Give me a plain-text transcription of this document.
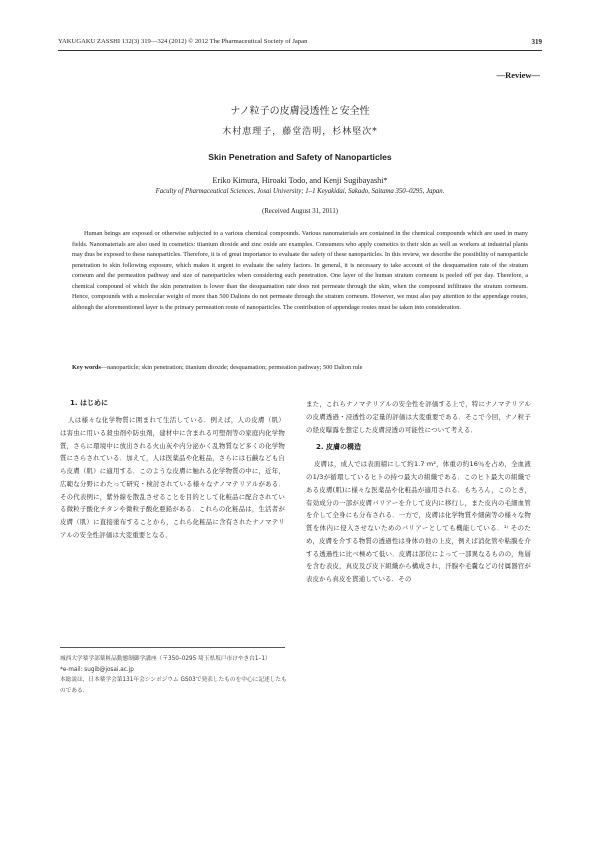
YAKUGAKU ZASSHI 132(3) 319―324 (2012) © 2012 The Pharmaceutical Society of Japan	319
―Review―
ナノ粒子の皮膚浸透性と安全性
木村恵理子，藤堂浩明，杉林堅次*
Skin Penetration and Safety of Nanoparticles
Eriko Kimura, Hiroaki Todo, and Kenji Sugibayashi*
Faculty of Pharmaceutical Sciences, Josai University; 1–1 Keyakidai, Sakado, Saitama 350–0295, Japan.
(Received August 31, 2011)

Human beings are exposed or otherwise subjected to a various chemical compounds. Various nanomaterials are contained in the chemical compounds which are used in many fields. Nanomaterials are also used in cosmetics: titanium dioxide and zinc oxide are examples. Consumers who apply cosmetics to their skin as well as workers at industrial plants may thus be exposed to these nanoparticles. Therefore, it is of great importance to evaluate the safety of these nanoparticles. In this review, we describe the possibility of nanoparticle penetration to skin following exposure, which makes it urgent to evaluate the safety factors. In general, it is necessary to take account of the desquamation rate of the stratum corneum and the permeation pathway and size of nanoparticles when considering such penetration. One layer of the human stratum corneum is peeled off per day. Therefore, a chemical compound of which the skin penetration is lower than the desquamation rate does not permeate through the skin, when the compound infiltrates the stratum corneum. Hence, compounds with a molecular weight of more than 500 Daltons do not permeate through the stratum corneum. However, we must also pay attention to the appendage routes, although the aforementioned layer is the primary permeation route of nanoparticles. The contribution of appendage routes must be taken into consideration.

Key words―nanoparticle; skin penetration; titanium dioxide; desquamation; permeation pathway; 500 Dalton rule
1. はじめに

人は様々な化学物質に囲まれて生活している．例えば，人の皮膚（肌）は害虫に用いる殺虫剤や防虫剤，建材中に含まれる可塑剤等の家庭内化学物質，さらに環境中に放出される火山灰や内分泌かく乱物質など多くの化学物質にさらされている．加えて，人は医薬品や化粧品，さらには石鹸なども自ら皮膚（肌）に適用する．このような皮膚に触れる化学物質の中に，近年，広範な分野にわたって研究・検討されている様々なナノマテリアルがある．その代表例に，紫外線を散乱させることを目的として化粧品に配合されている微粒子酸化チタンや微粒子酸化亜鉛がある．これらの化粧品は，生活者が皮膚（肌）に直接塗布することから，これら化粧品に含有されたナノマテリアルの安全性評価は大変重要となる．

城西大学薬学部薬粧品動態制御学講座（〒350–0295 埼玉県坂戸市けやき台1–1）
*e-mail: sugib@josai.ac.jp
本総説は，日本薬学会第131年会シンポジウム GS03で発表したものを中心に記述したものである．

また，これらナノマテリアルの安全性を評価する上で，特にナノマテリアルの皮膚透過・浸透性の定量的評価は大変重要である．そこで今回，ナノ粒子の経皮曝露を想定した皮膚浸透の可能性について考える．

2. 皮膚の構造

皮膚は，成人では表面積にして約1.7 m²，体重の約16％を占め，全血液の1/3が循環しているヒトの持つ最大の組織である．このヒト最大の組織である皮膚(肌)に様々な医薬品や化粧品が適用される．もちろん，このとき，有効成分の一部が皮膚バリアーを介して皮内に移行し，また皮内の毛細血管を介して全身にも分布される．一方で，皮膚は化学物質や細菌等の様々な物質を体内に侵入させないためのバリアーとしても機能している．¹⁾ そのため，皮膚を介する物質の透過性は身体の他の上皮，例えば消化管や粘膜を介する透過性に比べ極めて低い．皮膚は部位によって一部異なるものの，角層を含む表皮，真皮及び皮下組織から構成され，汗腺や毛嚢などの付属器官が表皮から真皮を貫通している．その
